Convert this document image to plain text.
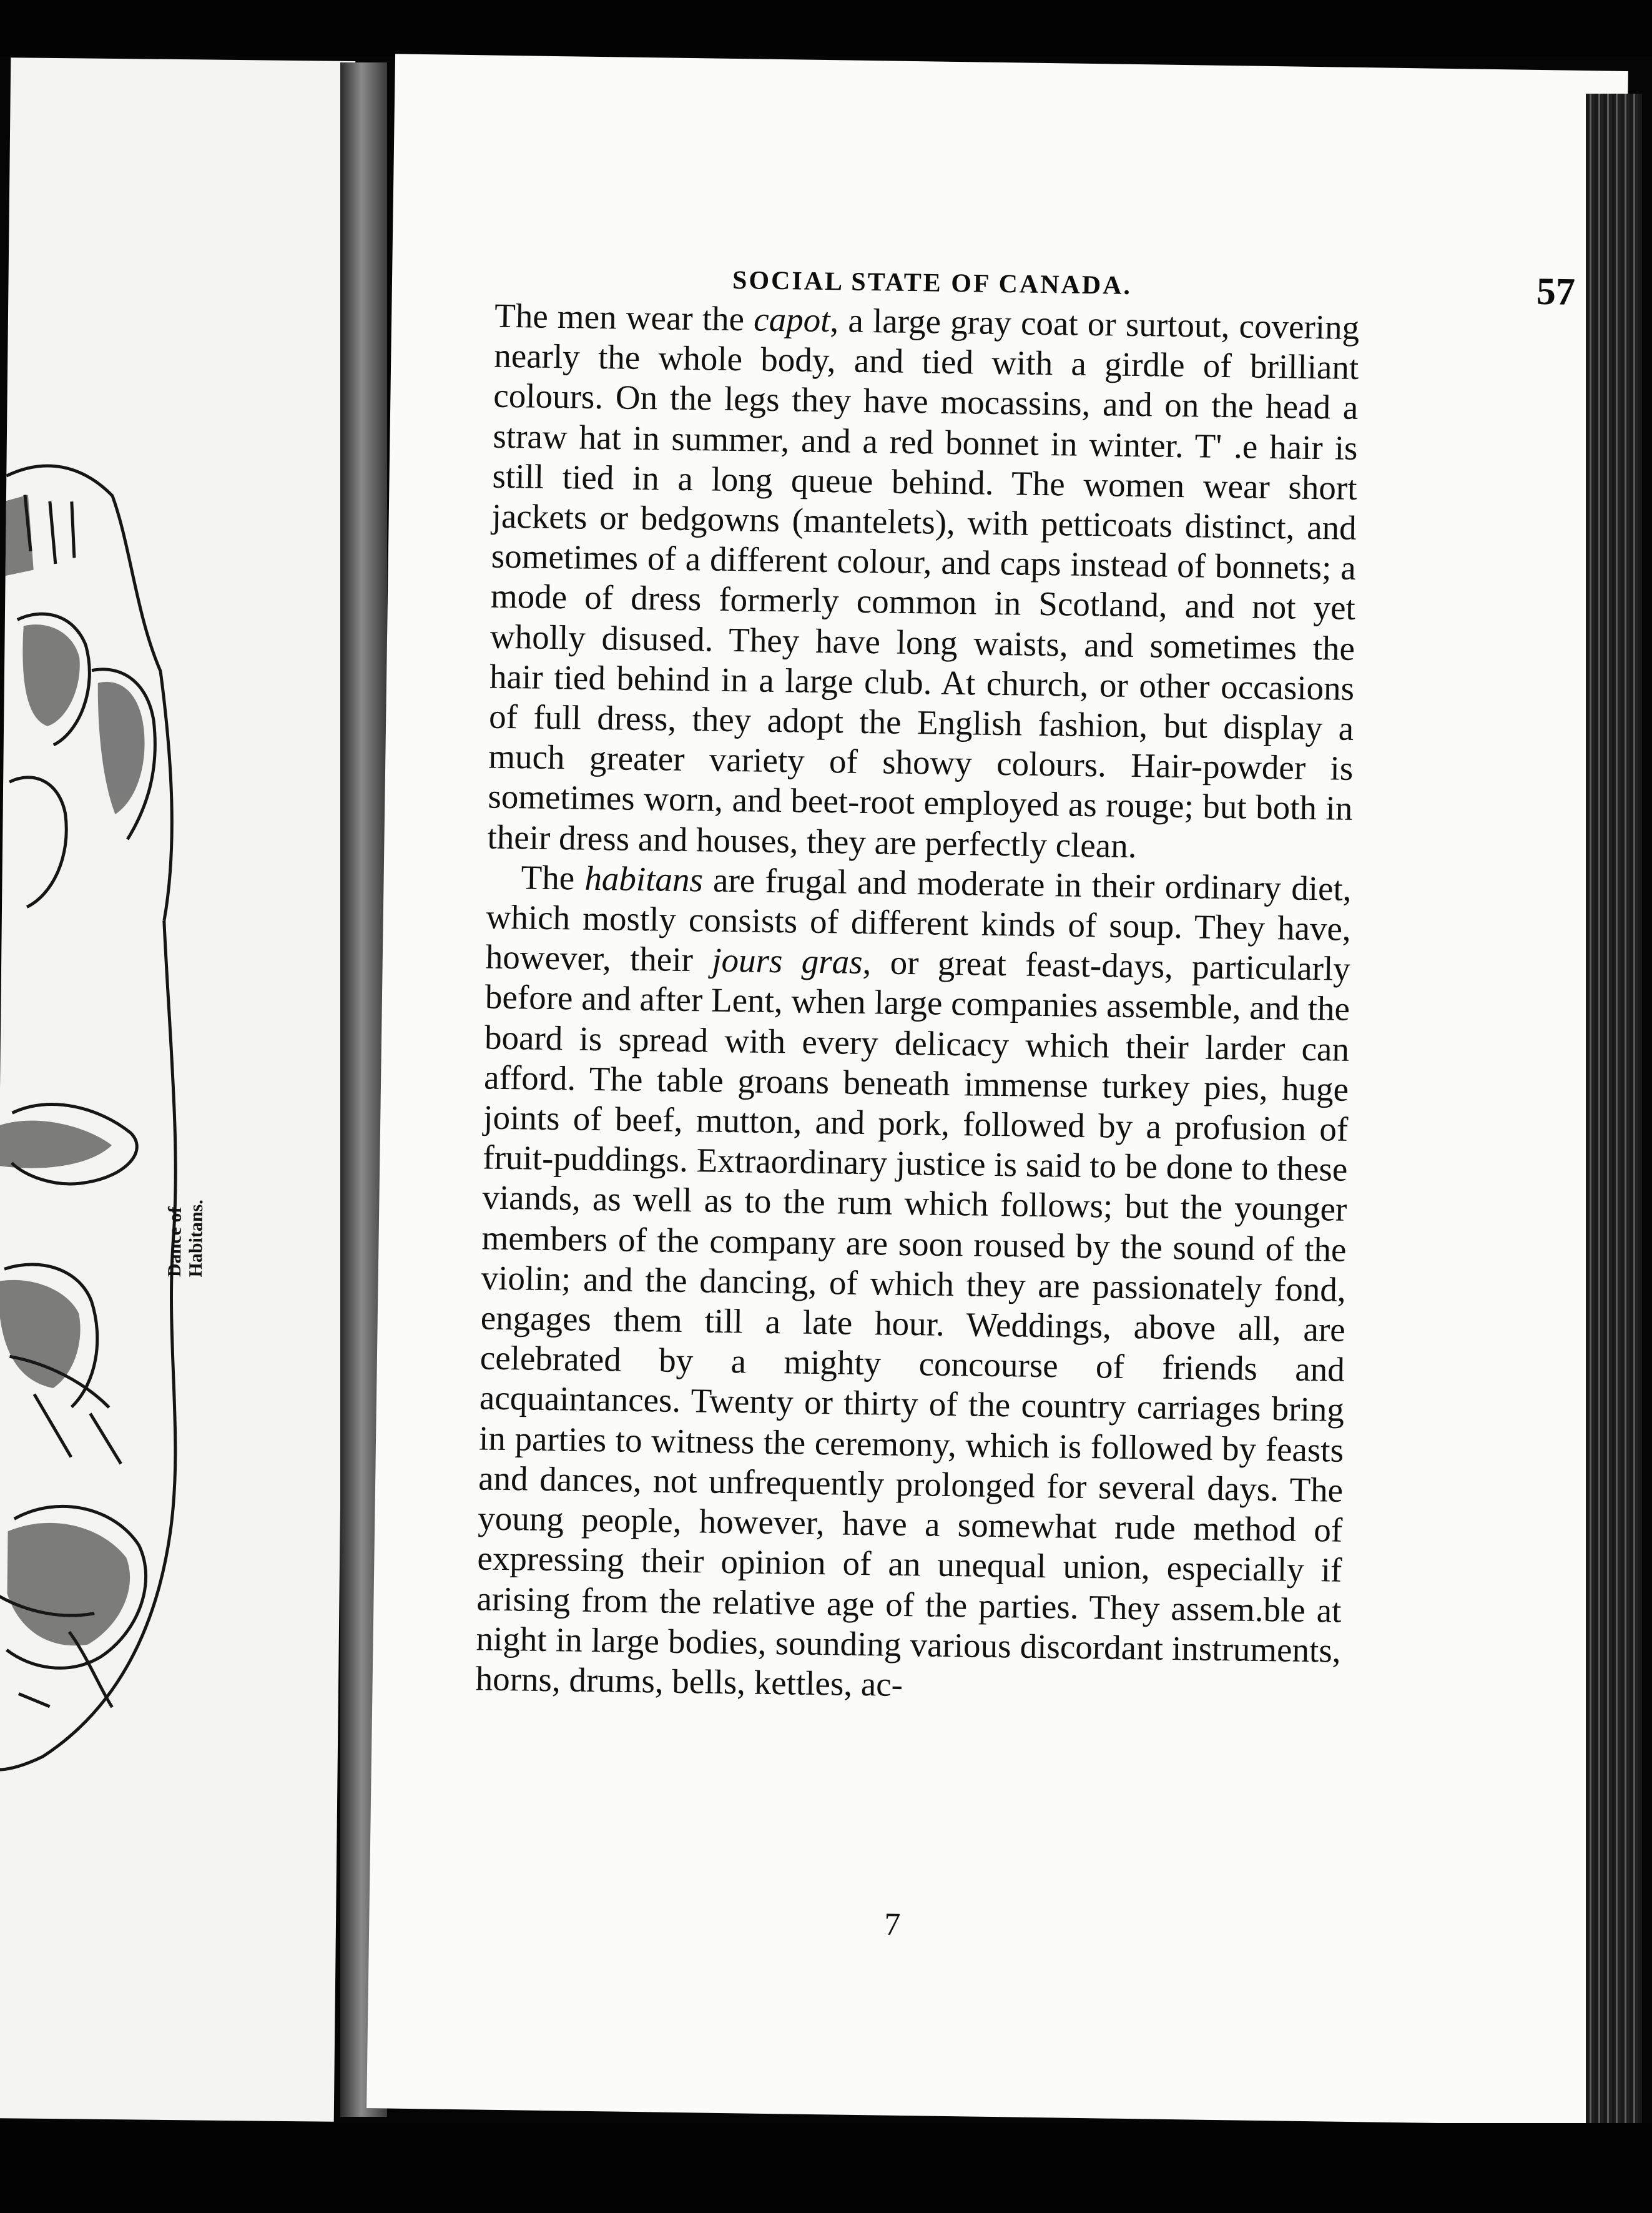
Dance of Habitans.
SOCIAL STATE OF CANADA.	57

The men wear the capot, a large gray coat or surtout, covering nearly the whole body, and tied with a girdle of brilliant colours. On the legs they have mocassins, and on the head a straw hat in summer, and a red bonnet in winter. T' .e hair is still tied in a long queue behind. The women wear short jackets or bedgowns (mantelets), with petticoats distinct, and sometimes of a different colour, and caps instead of bonnets; a mode of dress formerly common in Scotland, and not yet wholly disused. They have long waists, and sometimes the hair tied behind in a large club. At church, or other occasions of full dress, they adopt the English fashion, but display a much greater variety of showy colours. Hair-powder is sometimes worn, and beet-root employed as rouge; but both in their dress and houses, they are perfectly clean.

The habitans are frugal and moderate in their ordinary diet, which mostly consists of different kinds of soup. They have, however, their jours gras, or great feast-days, particularly before and after Lent, when large companies assemble, and the board is spread with every delicacy which their larder can afford. The table groans beneath immense turkey pies, huge joints of beef, mutton, and pork, followed by a profusion of fruit-puddings. Extraordinary justice is said to be done to these viands, as well as to the rum which follows; but the younger members of the company are soon roused by the sound of the violin; and the dancing, of which they are passionately fond, engages them till a late hour. Weddings, above all, are celebrated by a mighty concourse of friends and acquaintances. Twenty or thirty of the country carriages bring in parties to witness the ceremony, which is followed by feasts and dances, not unfrequently prolonged for several days. The young people, however, have a somewhat rude method of expressing their opinion of an unequal union, especially if arising from the relative age of the parties. They assem.ble at night in large bodies, sounding various discordant instruments, horns, drums, bells, kettles, ac-

7
